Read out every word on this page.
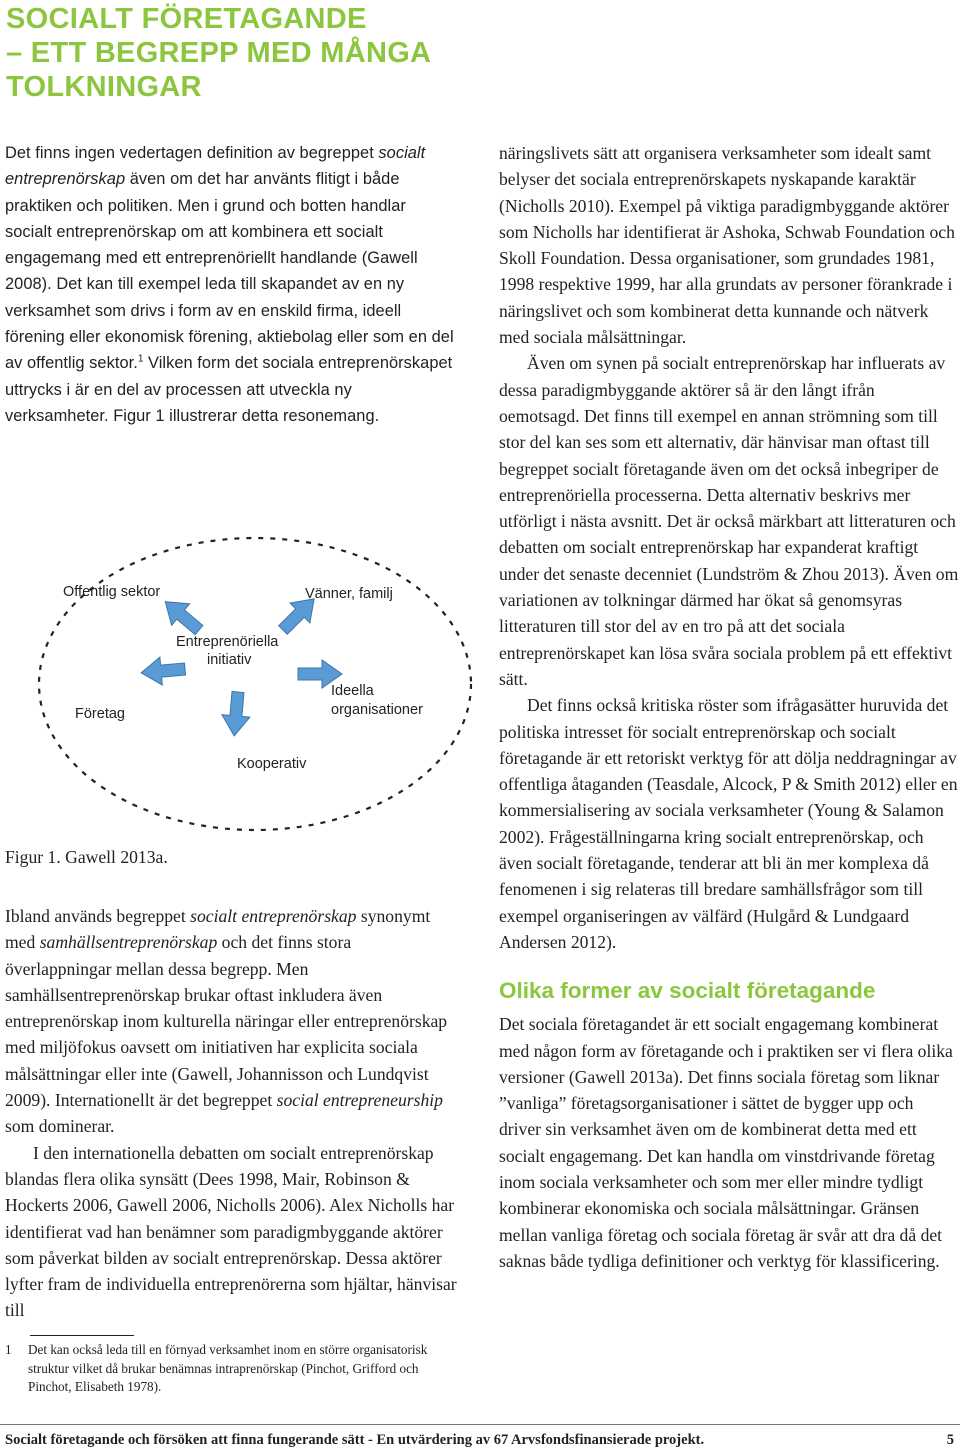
SOCIALT FÖRETAGANDE
– ETT BEGREPP MED MÅNGA
TOLKNINGAR

Det finns ingen vedertagen definition av begreppet socialt entreprenörskap även om det har använts flitigt i både praktiken och politiken. Men i grund och botten handlar socialt entreprenörskap om att kombinera ett socialt engagemang med ett entreprenöriellt handlande (Gawell 2008). Det kan till exempel leda till skapandet av en ny verksamhet som drivs i form av en enskild firma, ideell förening eller ekonomisk förening, aktiebolag eller som en del av offentlig sektor.$^1$ Vilken form det sociala entreprenörskapet uttrycks i är en del av processen att utveckla ny verksamheter. Figur 1 illustrerar detta resonemang.

Offentlig sektor	Vänner, familj
Entreprenöriella
initiativ
Ideella
organisationer
Företag
Kooperativ
Figur 1. Gawell 2013a.

Ibland används begreppet socialt entreprenörskap synonymt med samhällsentreprenörskap och det finns stora överlappningar mellan dessa begrepp. Men samhällsentreprenörskap brukar oftast inkludera även entreprenörskap inom kulturella näringar eller entreprenörskap med miljöfokus oavsett om initiativen har explicita sociala målsättningar eller inte (Gawell, Johannisson och Lundqvist 2009). Internationellt är det begreppet social entrepreneurship som dominerar.

I den internationella debatten om socialt entreprenörskap blandas flera olika synsätt (Dees 1998, Mair, Robinson & Hockerts 2006, Gawell 2006, Nicholls 2006). Alex Nicholls har identifierat vad han benämner som paradigmbyggande aktörer som påverkat bilden av socialt entreprenörskap. Dessa aktörer lyfter fram de individuella entreprenörerna som hjältar, hänvisar till

1 Det kan också leda till en förnyad verksamhet inom en större organisatorisk struktur vilket då brukar benämnas intraprenörskap (Pinchot, Grifford och Pinchot, Elisabeth 1978).

näringslivets sätt att organisera verksamheter som idealt samt belyser det sociala entreprenörskapets nyskapande karaktär (Nicholls 2010). Exempel på viktiga paradigmbyggande aktörer som Nicholls har identifierat är Ashoka, Schwab Foundation och Skoll Foundation. Dessa organisationer, som grundades 1981, 1998 respektive 1999, har alla grundats av personer förankrade i näringslivet och som kombinerat detta kunnande och nätverk med sociala målsättningar.

Även om synen på socialt entreprenörskap har influerats av dessa paradigmbyggande aktörer så är den långt ifrån oemotsagd. Det finns till exempel en annan strömning som till stor del kan ses som ett alternativ, där hänvisar man oftast till begreppet socialt företagande även om det också inbegriper de entreprenöriella processerna. Detta alternativ beskrivs mer utförligt i nästa avsnitt. Det är också märkbart att litteraturen och debatten om socialt entreprenörskap har expanderat kraftigt under det senaste decenniet (Lundström & Zhou 2013). Även om variationen av tolkningar därmed har ökat så genomsyras litteraturen till stor del av en tro på att det sociala entreprenörskapet kan lösa svåra sociala problem på ett effektivt sätt.

Det finns också kritiska röster som ifrågasätter huruvida det politiska intresset för socialt entreprenörskap och socialt företagande är ett retoriskt verktyg för att dölja neddragningar av offentliga åtaganden (Teasdale, Alcock, P & Smith 2012) eller en kommersialisering av sociala verksamheter (Young & Salamon 2002). Frågeställningarna kring socialt entreprenörskap, och även socialt företagande, tenderar att bli än mer komplexa då fenomenen i sig relateras till bredare samhällsfrågor som till exempel organiseringen av välfärd (Hulgård & Lundgaard Andersen 2012).

Olika former av socialt företagande

Det sociala företagandet är ett socialt engagemang kombinerat med någon form av företagande och i praktiken ser vi flera olika versioner (Gawell 2013a). Det finns sociala företag som liknar ”vanliga” företagsorganisationer i sättet de bygger upp och driver sin verksamhet även om de kombinerat detta med ett socialt engagemang. Det kan handla om vinstdrivande företag inom sociala verksamheter och som mer eller mindre tydligt kombinerar ekonomiska och sociala målsättningar. Gränsen mellan vanliga företag och sociala företag är svår att dra då det saknas både tydliga definitioner och verktyg för klassificering.

Socialt företagande och försöken att finna fungerande sätt - En utvärdering av 67 Arvsfondsfinansierade projekt.	5
